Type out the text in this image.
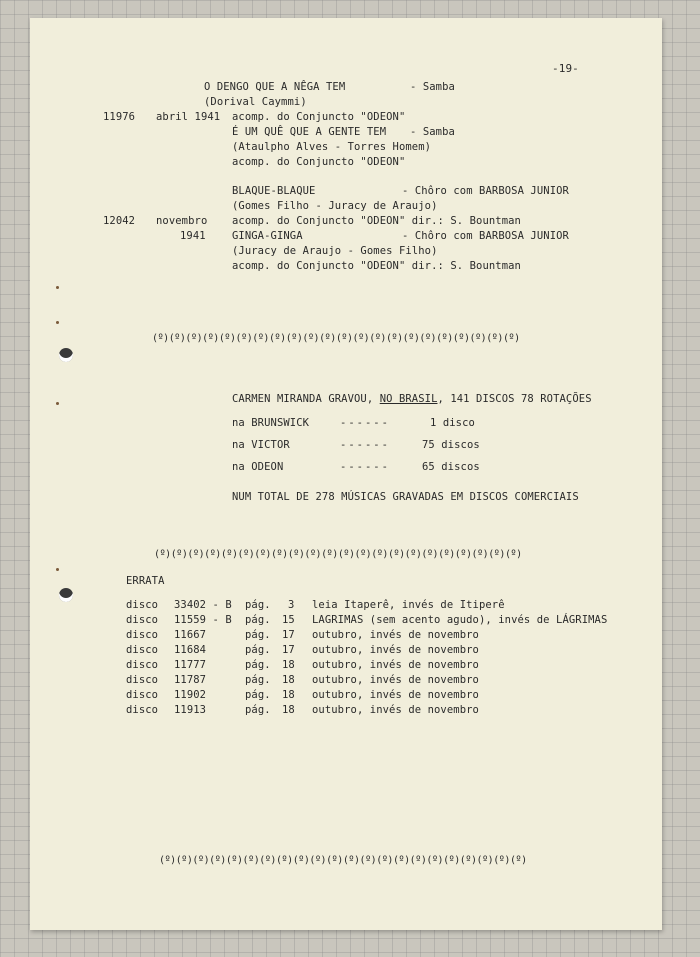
-19-
O DENGO QUE A NÊGA TEM	- Samba
(Dorival Caymmi)
11976 abril 1941 acomp. do Conjuncto "ODEON"
É UM QUÊ QUE A GENTE TEM - Samba
(Ataulpho Alves - Torres Homem)
acomp. do Conjuncto "ODEON"
BLAQUE-BLAQUE	- Chôro com BARBOSA JUNIOR
(Gomes Filho - Juracy de Araujo)
12042 novembro acomp. do Conjuncto "ODEON" dir.: S. Bountman
1941	GINGA-GINGA	- Chôro com BARBOSA JUNIOR
(Juracy de Araujo - Gomes Filho)
acomp. do Conjuncto "ODEON" dir.: S. Bountman
(º)(º)(º)(º)(º)(º)(º)(º)(º)(º)(º)(º)(º)(º)(º)(º)(º)(º)(º)(º)(º)(º)
CARMEN MIRANDA GRAVOU, NO BRASIL, 141 DISCOS 78 ROTAÇÕES
na BRUNSWICK	------	1 disco
na VICTOR	------	75 discos
na ODEON	------	65 discos
NUM TOTAL DE 278 MÚSICAS GRAVADAS EM DISCOS COMERCIAIS
(º)(º)(º)(º)(º)(º)(º)(º)(º)(º)(º)(º)(º)(º)(º)(º)(º)(º)(º)(º)(º)(º)
ERRATA
disco 33402 - B pág. 3 leia Itaperê, invés de Itiperê
disco 11559 - B pág. 15 LAGRIMAS (sem acento agudo), invés de LÁGRIMAS
disco 11667	pág. 17 outubro, invés de novembro
disco 11684	pág. 17 outubro, invés de novembro
disco 11777	pág. 18 outubro, invés de novembro
disco 11787	pág. 18 outubro, invés de novembro
disco 11902	pág. 18 outubro, invés de novembro
disco 11913	pág. 18 outubro, invés de novembro
(º)(º)(º)(º)(º)(º)(º)(º)(º)(º)(º)(º)(º)(º)(º)(º)(º)(º)(º)(º)(º)(º)
